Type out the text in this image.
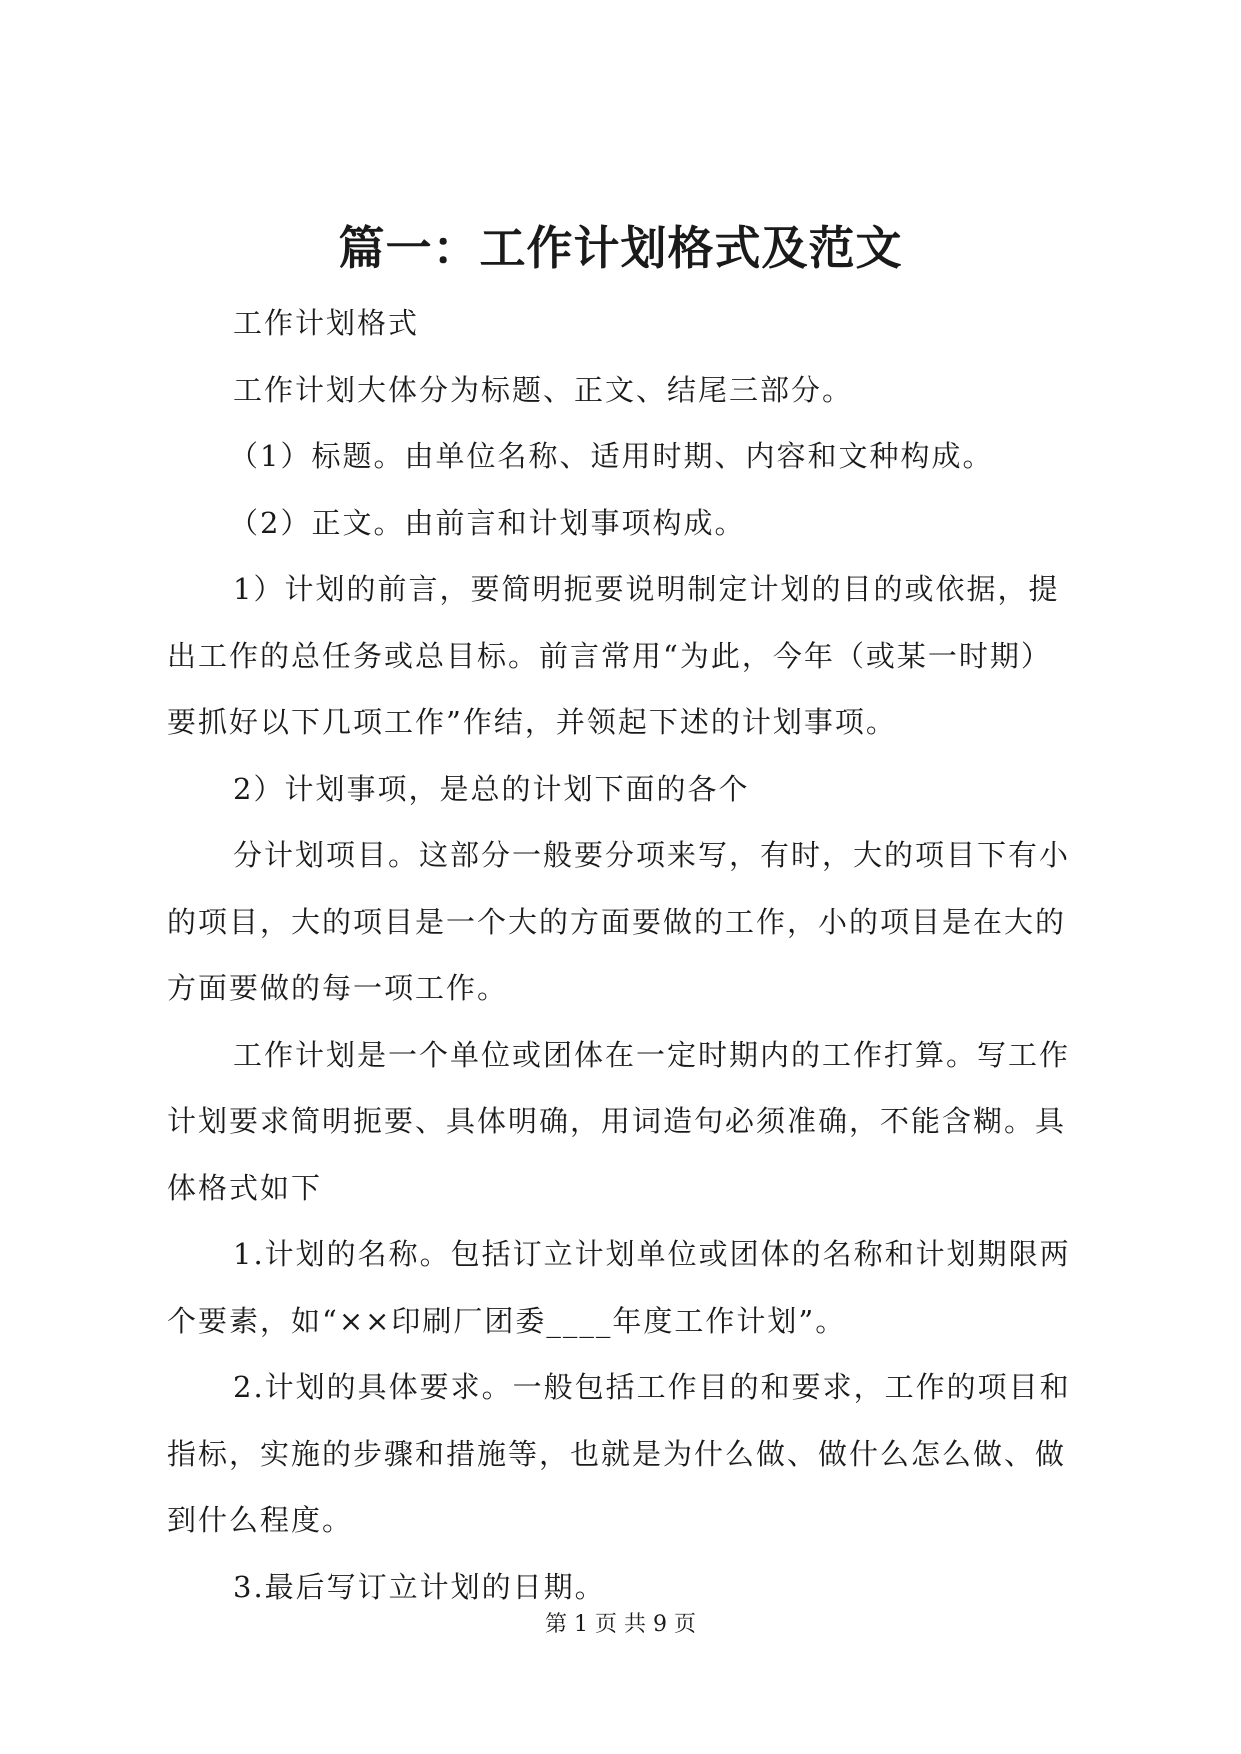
篇一：工作计划格式及范文

工作计划格式

工作计划大体分为标题、正文、结尾三部分。

（1）标题。由单位名称、适用时期、内容和文种构成。

（2）正文。由前言和计划事项构成。

1）计划的前言，要简明扼要说明制定计划的目的或依据，提出工作的总任务或总目标。前言常用“为此，今年（或某一时期）要抓好以下几项工作”作结，并领起下述的计划事项。

2）计划事项，是总的计划下面的各个

分计划项目。这部分一般要分项来写，有时，大的项目下有小的项目，大的项目是一个大的方面要做的工作，小的项目是在大的方面要做的每一项工作。

工作计划是一个单位或团体在一定时期内的工作打算。写工作计划要求简明扼要、具体明确，用词造句必须准确，不能含糊。具体格式如下

1.计划的名称。包括订立计划单位或团体的名称和计划期限两个要素，如“××印刷厂团委____年度工作计划”。

2.计划的具体要求。一般包括工作目的和要求，工作的项目和指标，实施的步骤和措施等，也就是为什么做、做什么怎么做、做到什么程度。

3.最后写订立计划的日期。

第 1 页 共 9 页
